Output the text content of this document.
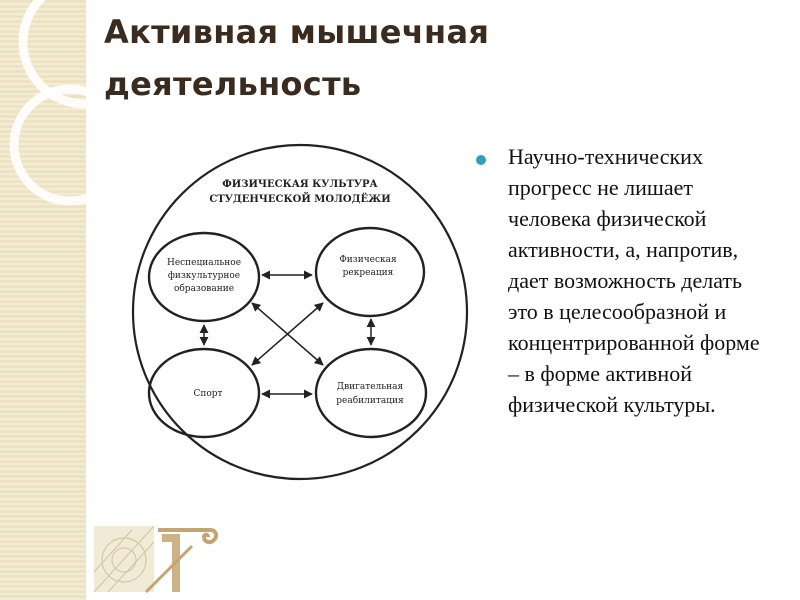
Активная мышечная деятельность
ФИЗИЧЕСКАЯ КУЛЬТУРА
СТУДЕНЧЕСКОЙ МОЛОДЁЖИ
Неспециальное
физкультурное
образование
Физическая
рекреация
Спорт
Двигательная
реабилитация
Научно-технических прогресс не лишает человека физической активности, а, напротив, дает возможность делать это в целесообразной и концентрированной форме – в форме активной физической культуры.
